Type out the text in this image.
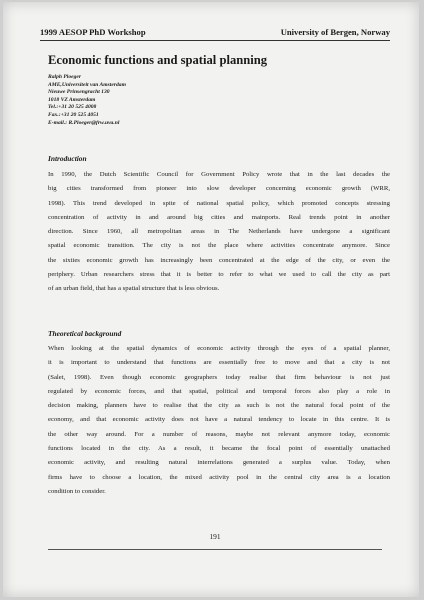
1999 AESOP PhD Workshop	University of Bergen, Norway
Economic functions and spatial planning
Ralph Ploeger
AME,Universiteit van Amsterdam
Nieuwe Prinsengracht 130
1018 VZ Amsterdam
Tel.:+31 20 525 4008
Fax.:+31 20 525 4051
E-mail.: R.Ploeger@frw.uva.nl
Introduction
In 1990, the Dutch Scientific Council for Government Policy wrote that in the last decades the
big cities transformed from pioneer into slow developer concerning economic growth (WRR,
1998). This trend developed in spite of national spatial policy, which promoted concepts stressing
concentration of activity in and around big cities and mainports. Real trends point in another
direction. Since 1960, all metropolitan areas in The Netherlands have undergone a significant
spatial economic transition. The city is not the place where activities concentrate anymore. Since
the sixties economic growth has increasingly been concentrated at the edge of the city, or even the
periphery. Urban researchers stress that it is better to refer to what we used to call the city as part
of an urban field, that has a spatial structure that is less obvious.
Theoretical background
When looking at the spatial dynamics of economic activity through the eyes of a spatial planner,
it is important to understand that functions are essentially free to move and that a city is not
(Salet, 1998). Even though economic geographers today realise that firm behaviour is not just
regulated by economic forces, and that spatial, political and temporal forces also play a role in
decision making, planners have to realise that the city as such is not the natural focal point of the
economy, and that economic activity does not have a natural tendency to locate in this centre. It is
the other way around. For a number of reasons, maybe not relevant anymore today, economic
functions located in the city. As a result, it became the focal point of essentially unattached
economic activity, and resulting natural interrelations generated a surplus value. Today, when
firms have to choose a location, the mixed activity pool in the central city area is a location
condition to consider.
191
